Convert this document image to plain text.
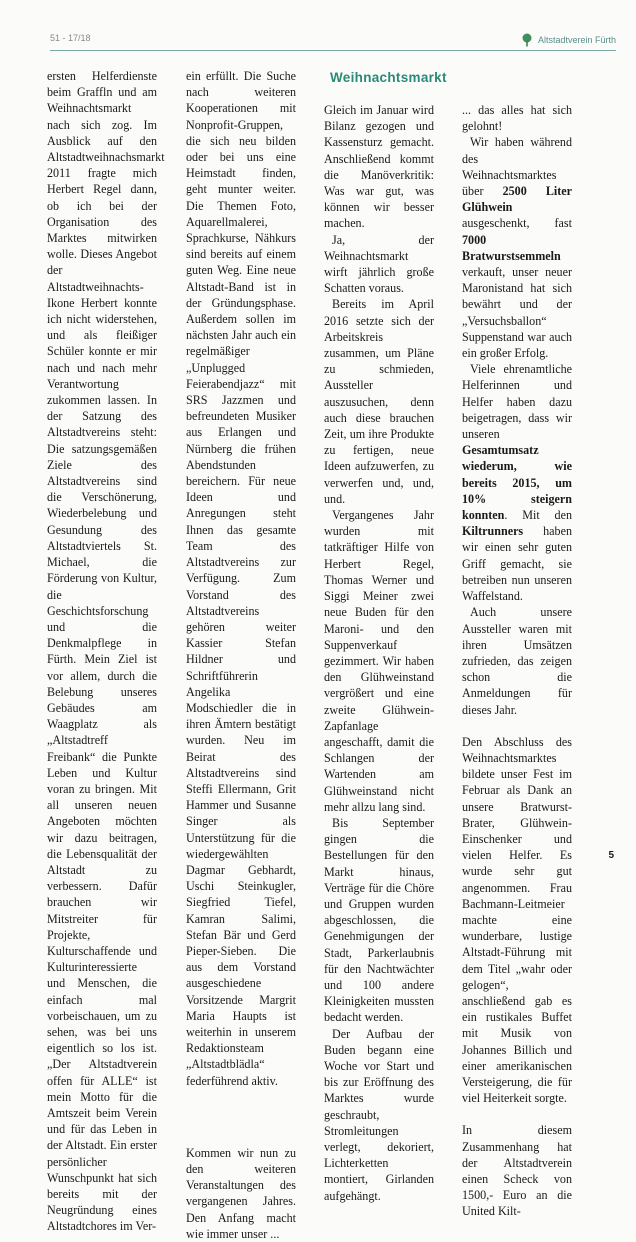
51 - 17/18	Altstadtverein Fürth

ersten Helferdienste beim Graffln und am Weihnachtsmarkt nach sich zog. Im Ausblick auf den Altstadtweihnachsmarkt 2011 fragte mich Herbert Regel dann, ob ich bei der Organisation des Marktes mitwirken wolle. Dieses Angebot der Altstadtweihnachts-Ikone Herbert konnte ich nicht widerstehen, und als fleißiger Schüler konnte er mir nach und nach mehr Verantwortung zukommen lassen. In der Satzung des Altstadtvereins steht: Die satzungsgemäßen Ziele des Altstadtvereins sind die Verschönerung, Wiederbelebung und Gesundung des Altstadtviertels St. Michael, die Förderung von Kultur, die Geschichtsforschung und die Denkmalpflege in Fürth. Mein Ziel ist vor allem, durch die Belebung unseres Gebäudes am Waagplatz als „Altstadtreff Freibank“ die Punkte Leben und Kultur voran zu bringen. Mit all unseren neuen Angeboten möchten wir dazu beitragen, die Lebensqualität der Altstadt zu verbessern. Dafür brauchen wir Mitstreiter für Projekte, Kulturschaffende und Kulturinteressierte und Menschen, die einfach mal vorbeischauen, um zu sehen, was bei uns eigentlich so los ist. „Der Altstadtverein offen für ALLE“ ist mein Motto für die Amtszeit beim Verein und für das Leben in der Altstadt. Ein erster persönlicher Wunschpunkt hat sich bereits mit der Neugründung eines Altstadtchores im Ver-

ein erfüllt. Die Suche nach weiteren Kooperationen mit Nonprofit-Gruppen, die sich neu bilden oder bei uns eine Heimstadt finden, geht munter weiter. Die Themen Foto, Aquarellmalerei, Sprachkurse, Nähkurs sind bereits auf einem guten Weg. Eine neue Altstadt-Band ist in der Gründungsphase. Außerdem sollen im nächsten Jahr auch ein regelmäßiger „Unplugged Feierabendjazz“ mit SRS Jazzmen und befreundeten Musiker aus Erlangen und Nürnberg die frühen Abendstunden bereichern. Für neue Ideen und Anregungen steht Ihnen das gesamte Team des Altstadtvereins zur Verfügung. Zum Vorstand des Altstadtvereins gehören weiter Kassier Stefan Hildner und Schriftführerin Angelika Modschiedler die in ihren Ämtern bestätigt wurden. Neu im Beirat des Altstadtvereins sind Steffi Ellermann, Grit Hammer und Susanne Singer als Unterstützung für die wiedergewählten Dagmar Gebhardt, Uschi Steinkugler, Siegfried Tiefel, Kamran Salimi, Stefan Bär und Gerd Pieper-Sieben. Die aus dem Vorstand ausgeschiedene Vorsitzende Margrit Maria Haupts ist weiterhin in unserem Redaktionsteam „Altstadtblädla“ federführend aktiv.

Kommen wir nun zu den weiteren Veranstaltungen des vergangenen Jahres. Den Anfang macht wie immer unser ...

Weihnachtsmarkt

Gleich im Januar wird Bilanz gezogen und Kassensturz gemacht. Anschließend kommt die Manöverkritik: Was war gut, was können wir besser machen.

Ja, der Weihnachtsmarkt wirft jährlich große Schatten voraus.

Bereits im April 2016 setzte sich der Arbeitskreis zusammen, um Pläne zu schmieden, Aussteller auszusuchen, denn auch diese brauchen Zeit, um ihre Produkte zu fertigen, neue Ideen aufzuwerfen, zu verwerfen und, und, und.

Vergangenes Jahr wurden mit tatkräftiger Hilfe von Herbert Regel, Thomas Werner und Siggi Meiner zwei neue Buden für den Maroni- und den Suppenverkauf gezimmert. Wir haben den Glühweinstand vergrößert und eine zweite Glühwein-Zapfanlage angeschafft, damit die Schlangen der Wartenden am Glühweinstand nicht mehr allzu lang sind.

Bis September gingen die Bestellungen für den Markt hinaus, Verträge für die Chöre und Gruppen wurden abgeschlossen, die Genehmigungen der Stadt, Parkerlaubnis für den Nachtwächter und 100 andere Kleinigkeiten mussten bedacht werden.

Der Aufbau der Buden begann eine Woche vor Start und bis zur Eröffnung des Marktes wurde geschraubt, Stromleitungen verlegt, dekoriert, Lichterketten montiert, Girlanden aufgehängt.

... das alles hat sich gelohnt!

Wir haben während des Weihnachtsmarktes über 2500 Liter Glühwein ausgeschenkt, fast 7000 Bratwurstsemmeln verkauft, unser neuer Maronistand hat sich bewährt und der „Versuchsballon“ Suppenstand war auch ein großer Erfolg.

Viele ehrenamtliche Helferinnen und Helfer haben dazu beigetragen, dass wir unseren Gesamtumsatz wiederum, wie bereits 2015, um 10% steigern konnten. Mit den Kiltrunners haben wir einen sehr guten Griff gemacht, sie betreiben nun unseren Waffelstand.

Auch unsere Aussteller waren mit ihren Umsätzen zufrieden, das zeigen schon die Anmeldungen für dieses Jahr.

Den Abschluss des Weihnachtsmarktes bildete unser Fest im Februar als Dank an unsere Bratwurst-Brater, Glühwein-Einschenker und vielen Helfer. Es wurde sehr gut angenommen. Frau Bachmann-Leitmeier machte eine wunderbare, lustige Altstadt-Führung mit dem Titel „wahr oder gelogen“, anschließend gab es ein rustikales Buffet mit Musik von Johannes Billich und einer amerikanischen Versteigerung, die für viel Heiterkeit sorgte.

In diesem Zusammenhang hat der Altstadtverein einen Scheck von 1500,- Euro an die United Kilt-

5
